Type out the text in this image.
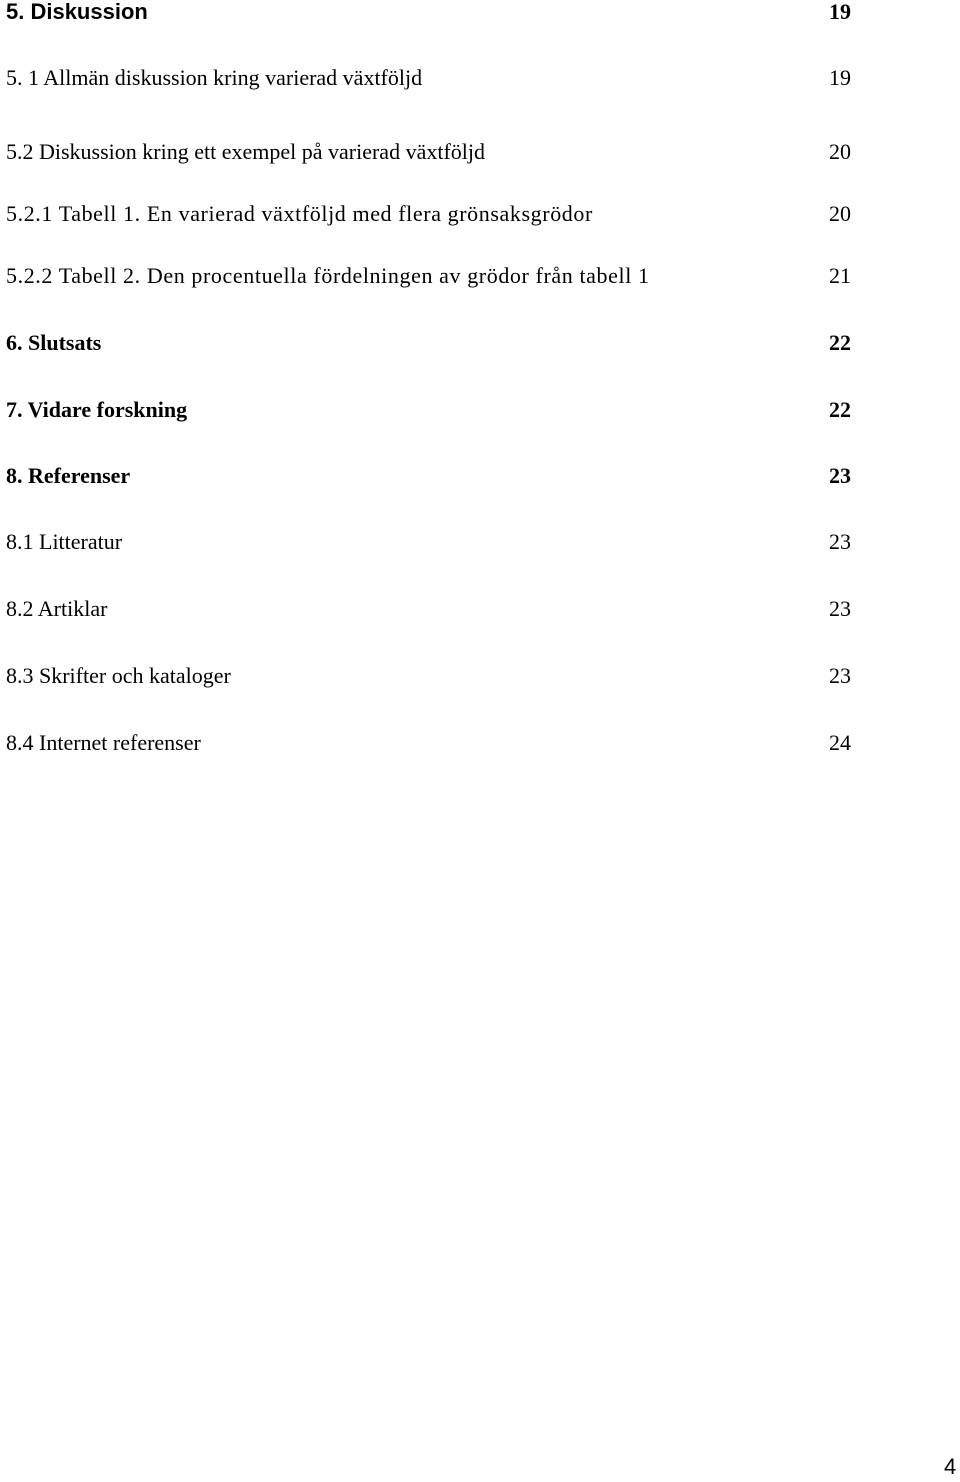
5. Diskussion	19
5. 1 Allmän diskussion kring varierad växtföljd	19
5.2 Diskussion kring ett exempel på varierad växtföljd	20
5.2.1 Tabell 1. En varierad växtföljd med flera grönsaksgrödor	20
5.2.2 Tabell 2. Den procentuella fördelningen av grödor från tabell 1	21
6. Slutsats	22
7. Vidare forskning	22
8. Referenser	23
8.1 Litteratur	23
8.2 Artiklar	23
8.3 Skrifter och kataloger	23
8.4 Internet referenser	24
4
